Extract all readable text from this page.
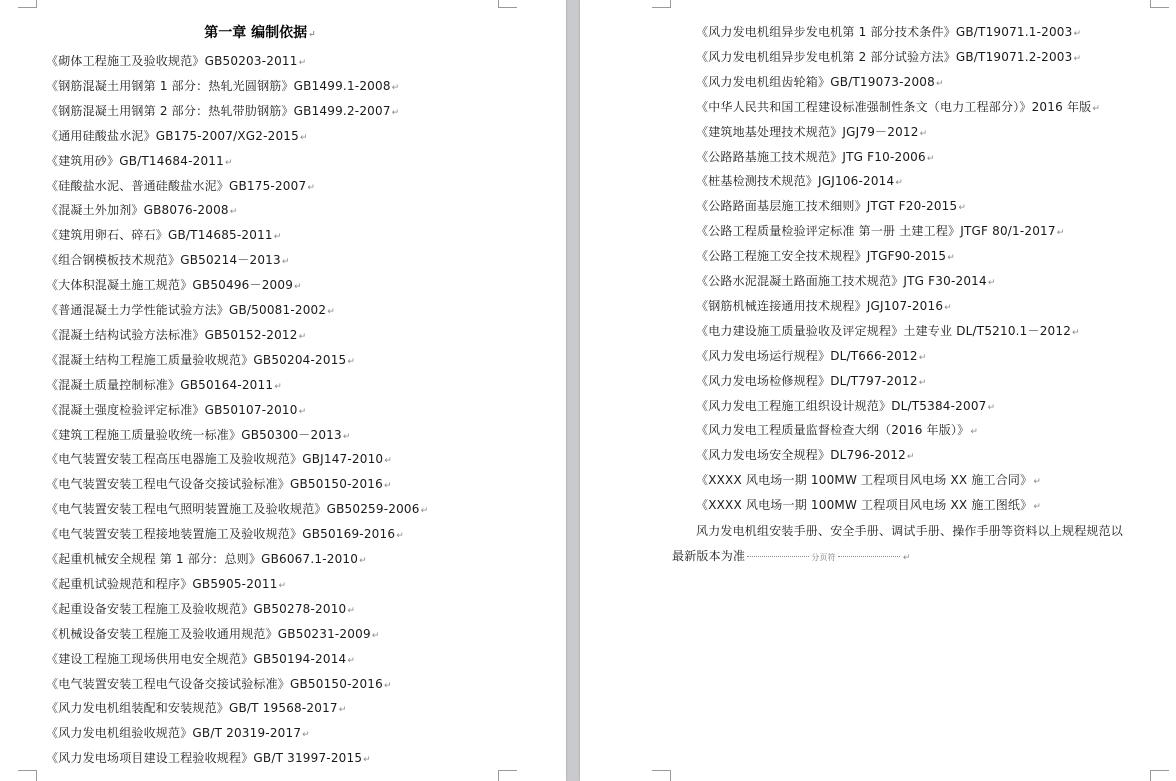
第一章 编制依据↵
《砌体工程施工及验收规范》GB50203-2011↵
《钢筋混凝土用钢第 1 部分：热轧光圆钢筋》GB1499.1-2008↵
《钢筋混凝土用钢第 2 部分：热轧带肋钢筋》GB1499.2-2007↵
《通用硅酸盐水泥》GB175-2007/XG2-2015↵
《建筑用砂》GB/T14684-2011↵
《硅酸盐水泥、普通硅酸盐水泥》GB175-2007↵
《混凝土外加剂》GB8076-2008↵
《建筑用卵石、碎石》GB/T14685-2011↵
《组合钢模板技术规范》GB50214－2013↵
《大体积混凝土施工规范》GB50496－2009↵
《普通混凝土力学性能试验方法》GB/50081-2002↵
《混凝土结构试验方法标准》GB50152-2012↵
《混凝土结构工程施工质量验收规范》GB50204-2015↵
《混凝土质量控制标准》GB50164-2011↵
《混凝土强度检验评定标准》GB50107-2010↵
《建筑工程施工质量验收统一标准》GB50300－2013↵
《电气装置安装工程高压电器施工及验收规范》GBJ147-2010↵
《电气装置安装工程电气设备交接试验标准》GB50150-2016↵
《电气装置安装工程电气照明装置施工及验收规范》GB50259-2006↵
《电气装置安装工程接地装置施工及验收规范》GB50169-2016↵
《起重机械安全规程 第 1 部分：总则》GB6067.1-2010↵
《起重机试验规范和程序》GB5905-2011↵
《起重设备安装工程施工及验收规范》GB50278-2010↵
《机械设备安装工程施工及验收通用规范》GB50231-2009↵
《建设工程施工现场供用电安全规范》GB50194-2014↵
《电气装置安装工程电气设备交接试验标准》GB50150-2016↵
《风力发电机组装配和安装规范》GB/T 19568-2017↵
《风力发电机组验收规范》GB/T 20319-2017↵
《风力发电场项目建设工程验收规程》GB/T 31997-2015↵
《风力发电机组异步发电机第 1 部分技术条件》GB/T19071.1-2003↵
《风力发电机组异步发电机第 2 部分试验方法》GB/T19071.2-2003↵
《风力发电机组齿轮箱》GB/T19073-2008↵
《中华人民共和国工程建设标准强制性条文（电力工程部分）》2016 年版↵
《建筑地基处理技术规范》JGJ79－2012↵
《公路路基施工技术规范》JTG F10-2006↵
《桩基检测技术规范》JGJ106-2014↵
《公路路面基层施工技术细则》JTGT F20-2015↵
《公路工程质量检验评定标准 第一册 土建工程》JTGF 80/1-2017↵
《公路工程施工安全技术规程》JTGF90-2015↵
《公路水泥混凝土路面施工技术规范》JTG F30-2014↵
《钢筋机械连接通用技术规程》JGJ107-2016↵
《电力建设施工质量验收及评定规程》土建专业 DL/T5210.1－2012↵
《风力发电场运行规程》DL/T666-2012↵
《风力发电场检修规程》DL/T797-2012↵
《风力发电工程施工组织设计规范》DL/T5384-2007↵
《风力发电工程质量监督检查大纲（2016 年版）》↵
《风力发电场安全规程》DL796-2012↵
《XXXX 风电场一期 100MW 工程项目风电场 XX 施工合同》↵
《XXXX 风电场一期 100MW 工程项目风电场 XX 施工图纸》↵
风力发电机组安装手册、安全手册、调试手册、操作手册等资料以上规程规范以
最新版本为准	分页符	↵
